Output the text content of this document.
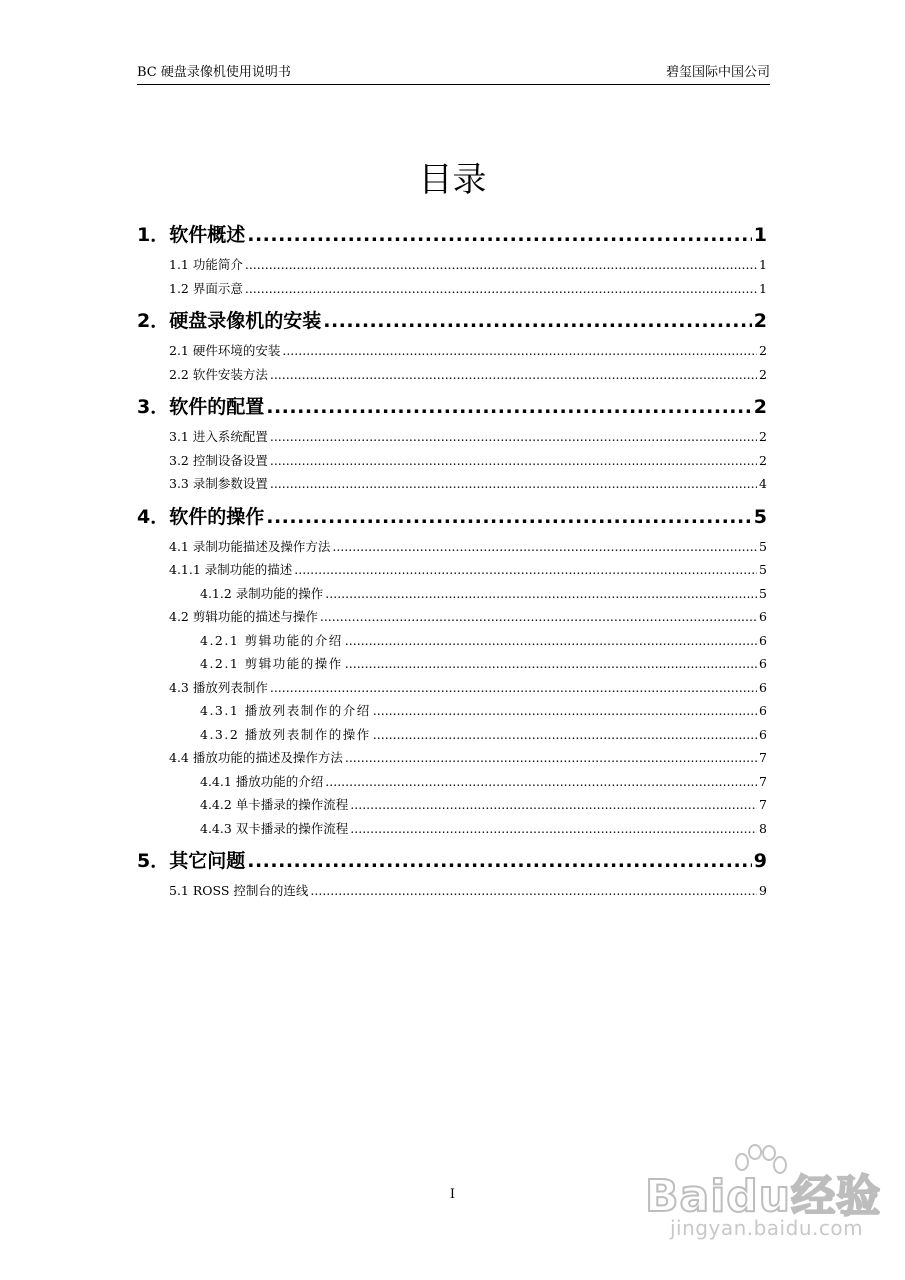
BC 硬盘录像机使用说明书	碧玺国际中国公司
目录
1．软件概述 .....	1
1.1 功能简介 .....	1
1.2 界面示意 .....	1
2．硬盘录像机的安装 .....	2
2.1 硬件环境的安装 .....	2
2.2 软件安装方法 .....	2
3．软件的配置 .....	2
3.1 进入系统配置 .....	2
3.2 控制设备设置 .....	2
3.3 录制参数设置 .....	4
4．软件的操作 .....	5
4.1 录制功能描述及操作方法 .....	5
4.1.1 录制功能的描述 .....	5
4.1.2 录制功能的操作 .....	5
4.2 剪辑功能的描述与操作 .....	6
4.2.1 剪辑功能的介绍 .....	6
4.2.1 剪辑功能的操作 .....	6
4.3 播放列表制作 .....	6
4.3.1 播放列表制作的介绍 .....	6
4.3.2 播放列表制作的操作 .....	6
4.4 播放功能的描述及操作方法 .....	7
4.4.1 播放功能的介绍 .....	7
4.4.2 单卡播录的操作流程 .....	7
4.4.3 双卡播录的操作流程 .....	8
5．其它问题 .....	9
5.1 ROSS 控制台的连线 .....	9
I	Baidu经验
jingyan.baidu.com
